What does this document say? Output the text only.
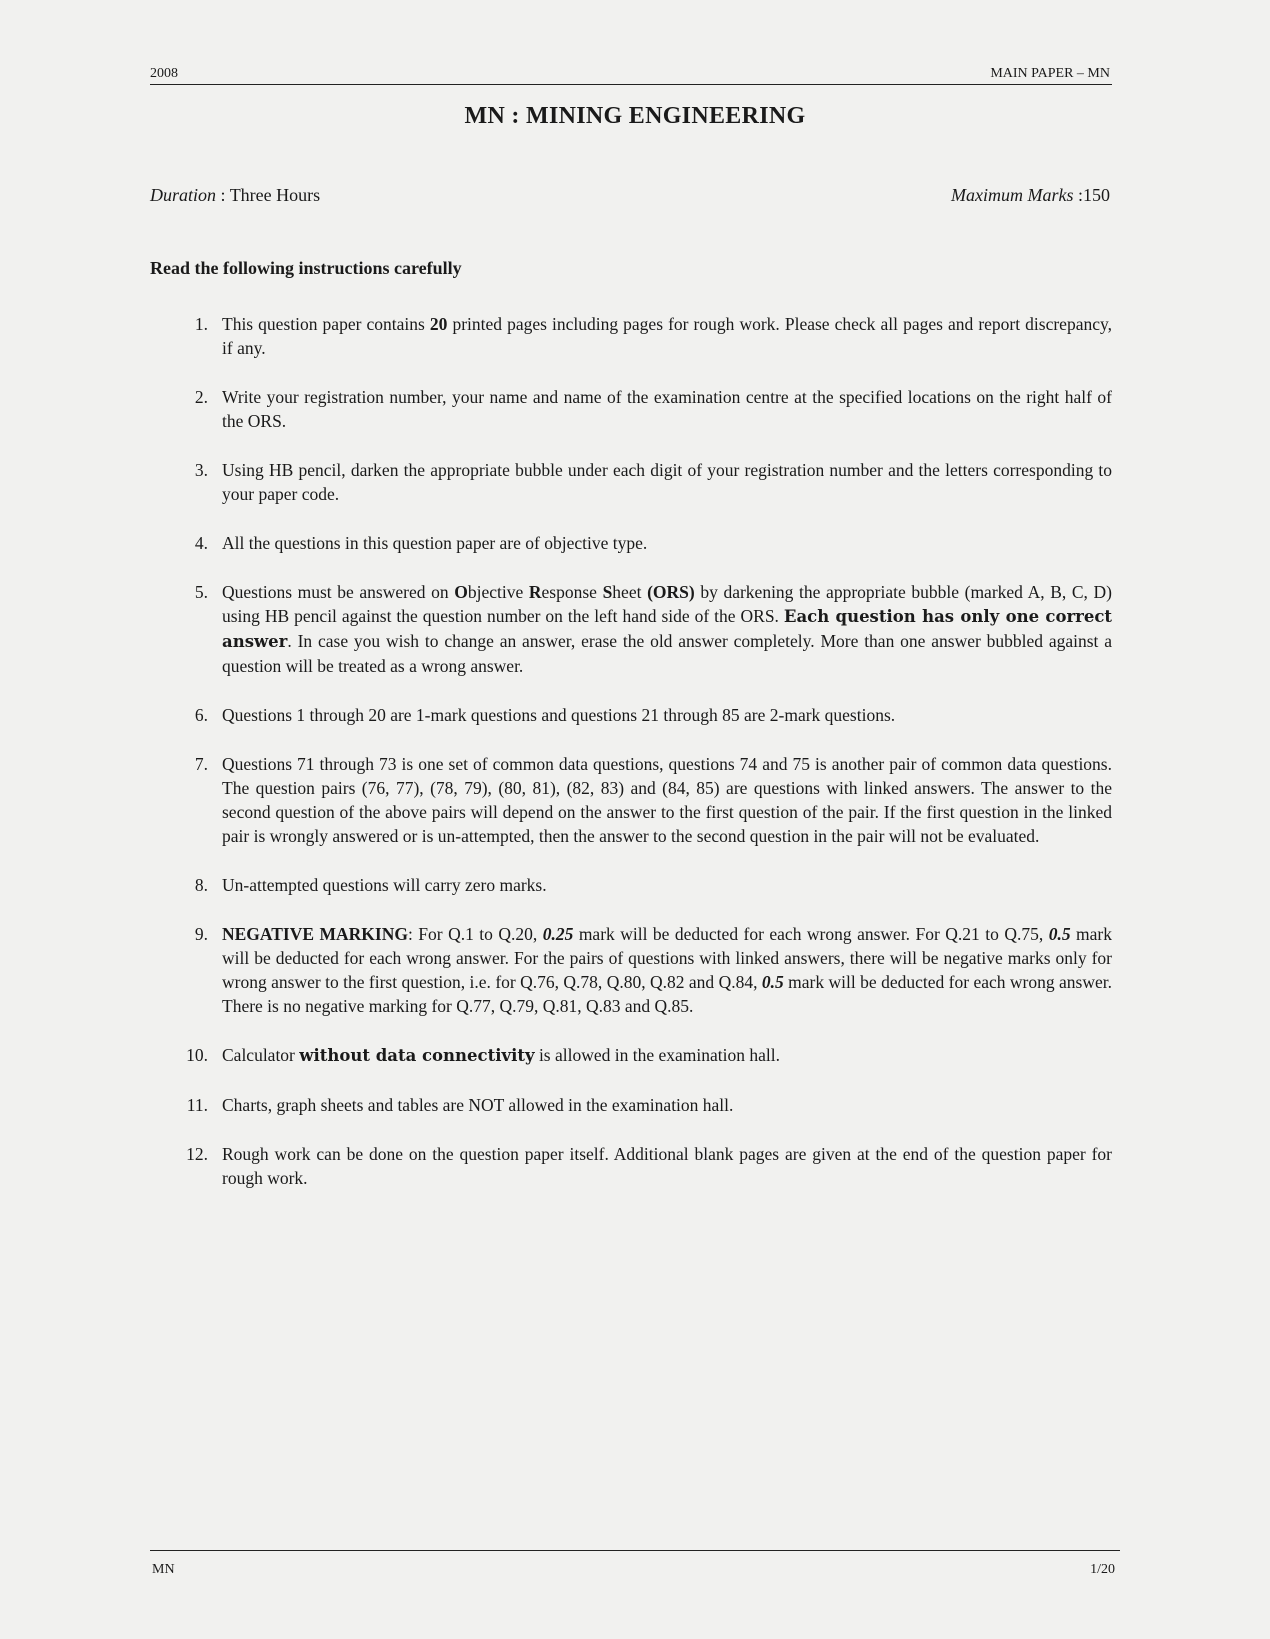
2008	MAIN PAPER – MN
MN : MINING ENGINEERING
Duration : Three Hours	Maximum Marks :150
Read the following instructions carefully
1. This question paper contains 20 printed pages including pages for rough work. Please check all pages and report discrepancy, if any.
2. Write your registration number, your name and name of the examination centre at the specified locations on the right half of the ORS.
3. Using HB pencil, darken the appropriate bubble under each digit of your registration number and the letters corresponding to your paper code.
4. All the questions in this question paper are of objective type.
5. Questions must be answered on Objective Response Sheet (ORS) by darkening the appropriate bubble (marked A, B, C, D) using HB pencil against the question number on the left hand side of the ORS. Each question has only one correct answer. In case you wish to change an answer, erase the old answer completely. More than one answer bubbled against a question will be treated as a wrong answer.
6. Questions 1 through 20 are 1-mark questions and questions 21 through 85 are 2-mark questions.
7. Questions 71 through 73 is one set of common data questions, questions 74 and 75 is another pair of common data questions. The question pairs (76, 77), (78, 79), (80, 81), (82, 83) and (84, 85) are questions with linked answers. The answer to the second question of the above pairs will depend on the answer to the first question of the pair. If the first question in the linked pair is wrongly answered or is un-attempted, then the answer to the second question in the pair will not be evaluated.
8. Un-attempted questions will carry zero marks.
9. NEGATIVE MARKING: For Q.1 to Q.20, 0.25 mark will be deducted for each wrong answer. For Q.21 to Q.75, 0.5 mark will be deducted for each wrong answer. For the pairs of questions with linked answers, there will be negative marks only for wrong answer to the first question, i.e. for Q.76, Q.78, Q.80, Q.82 and Q.84, 0.5 mark will be deducted for each wrong answer. There is no negative marking for Q.77, Q.79, Q.81, Q.83 and Q.85.
10. Calculator without data connectivity is allowed in the examination hall.
11. Charts, graph sheets and tables are NOT allowed in the examination hall.
12. Rough work can be done on the question paper itself. Additional blank pages are given at the end of the question paper for rough work.
MN	1/20
